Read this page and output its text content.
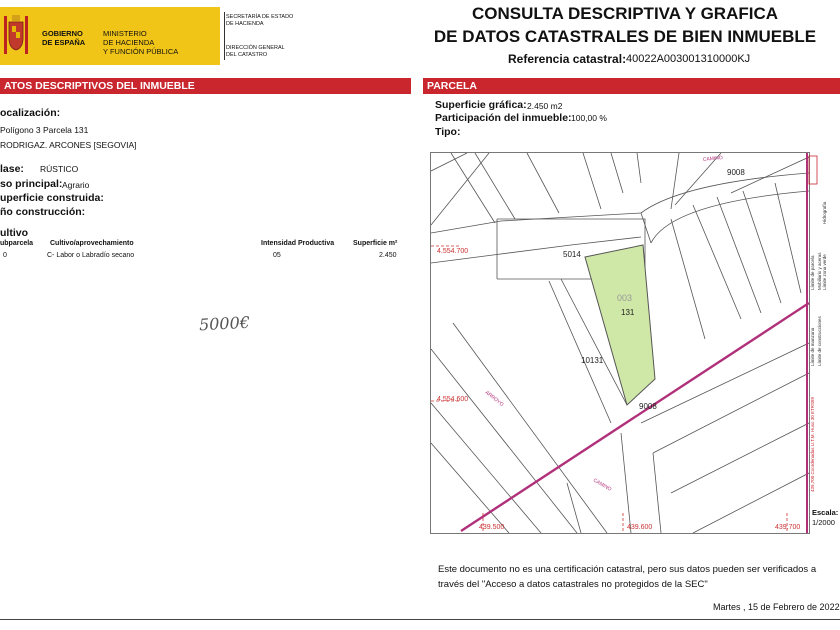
GOBIERNO
DE ESPAÑA
MINISTERIO
DE HACIENDA
Y FUNCIÓN PÚBLICA
SECRETARÍA DE ESTADO
DE HACIENDA
DIRECCIÓN GENERAL
DEL CATASTRO
CONSULTA DESCRIPTIVA Y GRAFICA
DE DATOS CATASTRALES DE BIEN INMUEBLE
Referencia catastral: 40022A003001310000KJ
ATOS DESCRIPTIVOS DEL INMUEBLE	PARCELA
ocalización:
Polígono 3 Parcela 131
RODRIGAZ. ARCONES [SEGOVIA]
lase: RÚSTICO
so principal: Agrario
uperficie construida:
ño construcción:
ultivo
ubparcela Cultivo/aprovechamiento	Intensidad Productiva	Superficie m²
0	C- Labor o Labradío secano	05	2.450
5000€
Superficie gráfica: 2.450 m2
Participación del inmueble: 100,00 %
Tipo:
003
131
9008
5014
10131
9008
CAMINO
ARROYO
CAMINO
4.554.700
4.554.600
439.500	439.600	439.700
Límite de manzana
Límite de parcela
Límite de construcciones
Mobiliario y aceras Límite zona verde
Hidrografía
439,700 Coordenadas U.T.M. Huso 30 ETRS89
Escala:
1/2000
Este documento no es una certificación catastral, pero sus datos pueden ser verificados a través del "Acceso a datos catastrales no protegidos de la SEC"
Martes , 15 de Febrero de 2022
